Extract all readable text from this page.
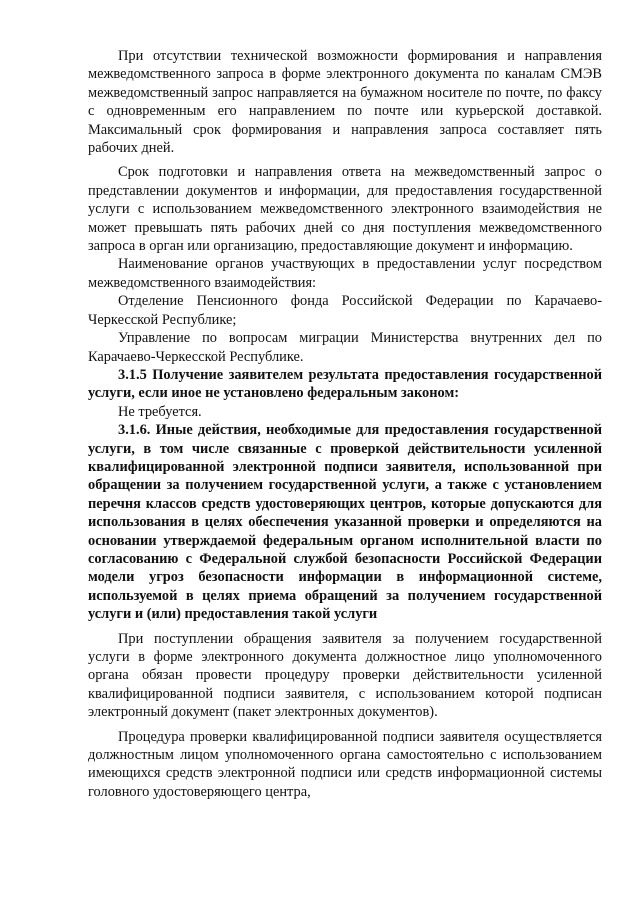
При отсутствии технической возможности формирования и направления межведомственного запроса в форме электронного документа по каналам СМЭВ межведомственный запрос направляется на бумажном носителе по почте, по факсу с одновременным его направлением по почте или курьерской доставкой. Максимальный срок формирования и направления запроса составляет пять рабочих дней.

Срок подготовки и направления ответа на межведомственный запрос о представлении документов и информации, для предоставления государственной услуги с использованием межведомственного электронного взаимодействия не может превышать пять рабочих дней со дня поступления межведомственного запроса в орган или организацию, предоставляющие документ и информацию.

Наименование органов участвующих в предоставлении услуг посредством межведомственного взаимодействия:

Отделение Пенсионного фонда Российской Федерации по Карачаево-Черкесской Республике;

Управление по вопросам миграции Министерства внутренних дел по Карачаево-Черкесской Республике.

3.1.5 Получение заявителем результата предоставления государственной услуги, если иное не установлено федеральным законом:

Не требуется.

3.1.6. Иные действия, необходимые для предоставления государственной услуги, в том числе связанные с проверкой действительности усиленной квалифицированной электронной подписи заявителя, использованной при обращении за получением государственной услуги, а также с установлением перечня классов средств удостоверяющих центров, которые допускаются для использования в целях обеспечения указанной проверки и определяются на основании утверждаемой федеральным органом исполнительной власти по согласованию с Федеральной службой безопасности Российской Федерации модели угроз безопасности информации в информационной системе, используемой в целях приема обращений за получением государственной услуги и (или) предоставления такой услуги

При поступлении обращения заявителя за получением государственной услуги в форме электронного документа должностное лицо уполномоченного органа обязан провести процедуру проверки действительности усиленной квалифицированной подписи заявителя, с использованием которой подписан электронный документ (пакет электронных документов).

Процедура проверки квалифицированной подписи заявителя осуществляется должностным лицом уполномоченного органа самостоятельно с использованием имеющихся средств электронной подписи или средств информационной системы головного удостоверяющего центра,
